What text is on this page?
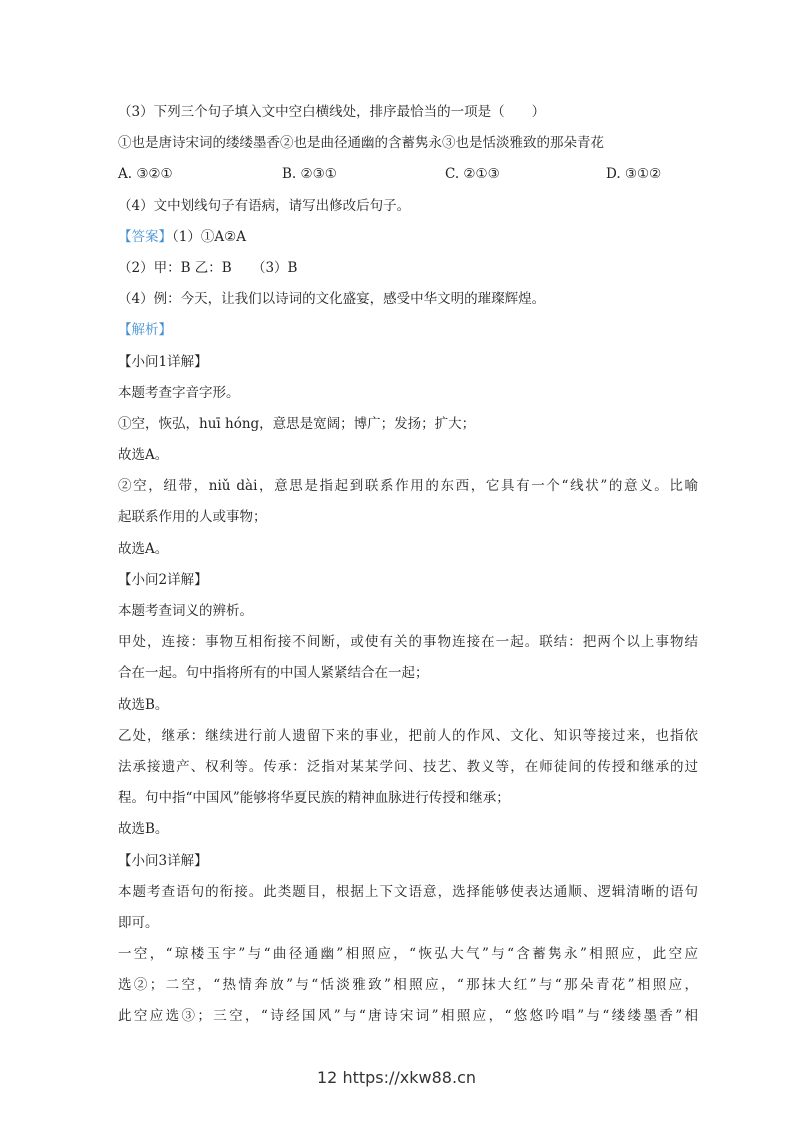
（3）下列三个句子填入文中空白横线处，排序最恰当的一项是（　　）
①也是唐诗宋词的缕缕墨香②也是曲径通幽的含蓄隽永③也是恬淡雅致的那朵青花
A. ③②①	B. ②③①	C. ②①③	D. ③①②
（4）文中划线句子有语病，请写出修改后句子。
【答案】（1）①A②A
（2）甲：B 乙：B　　（3）B
（4）例：今天，让我们以诗词的文化盛宴，感受中华文明的璀璨辉煌。
【解析】
【小问1详解】
本题考查字音字形。
①空，恢弘，huī hóng，意思是宽阔；博广；发扬；扩大；
故选A。
②空，纽带，niǔ dài，意思是指起到联系作用的东西，它具有一个“线状”的意义。比喻
起联系作用的人或事物；
故选A。
【小问2详解】
本题考查词义的辨析。
甲处，连接：事物互相衔接不间断，或使有关的事物连接在一起。联结：把两个以上事物结
合在一起。句中指将所有的中国人紧紧结合在一起；
故选B。
乙处，继承：继续进行前人遗留下来的事业，把前人的作风、文化、知识等接过来，也指依
法承接遗产、权利等。传承：泛指对某某学问、技艺、教义等，在师徒间的传授和继承的过
程。句中指“中国风”能够将华夏民族的精神血脉进行传授和继承；
故选B。
【小问3详解】
本题考查语句的衔接。此类题目，根据上下文语意，选择能够使表达通顺、逻辑清晰的语句
即可。
一空，“琼楼玉宇”与“曲径通幽”相照应，“恢弘大气”与“含蓄隽永”相照应，此空应
选②；二空，“热情奔放”与“恬淡雅致”相照应，“那抹大红”与“那朵青花”相照应，
此空应选③；三空，“诗经国风”与“唐诗宋词”相照应，“悠悠吟唱”与“缕缕墨香”相
12 https://xkw88.cn
